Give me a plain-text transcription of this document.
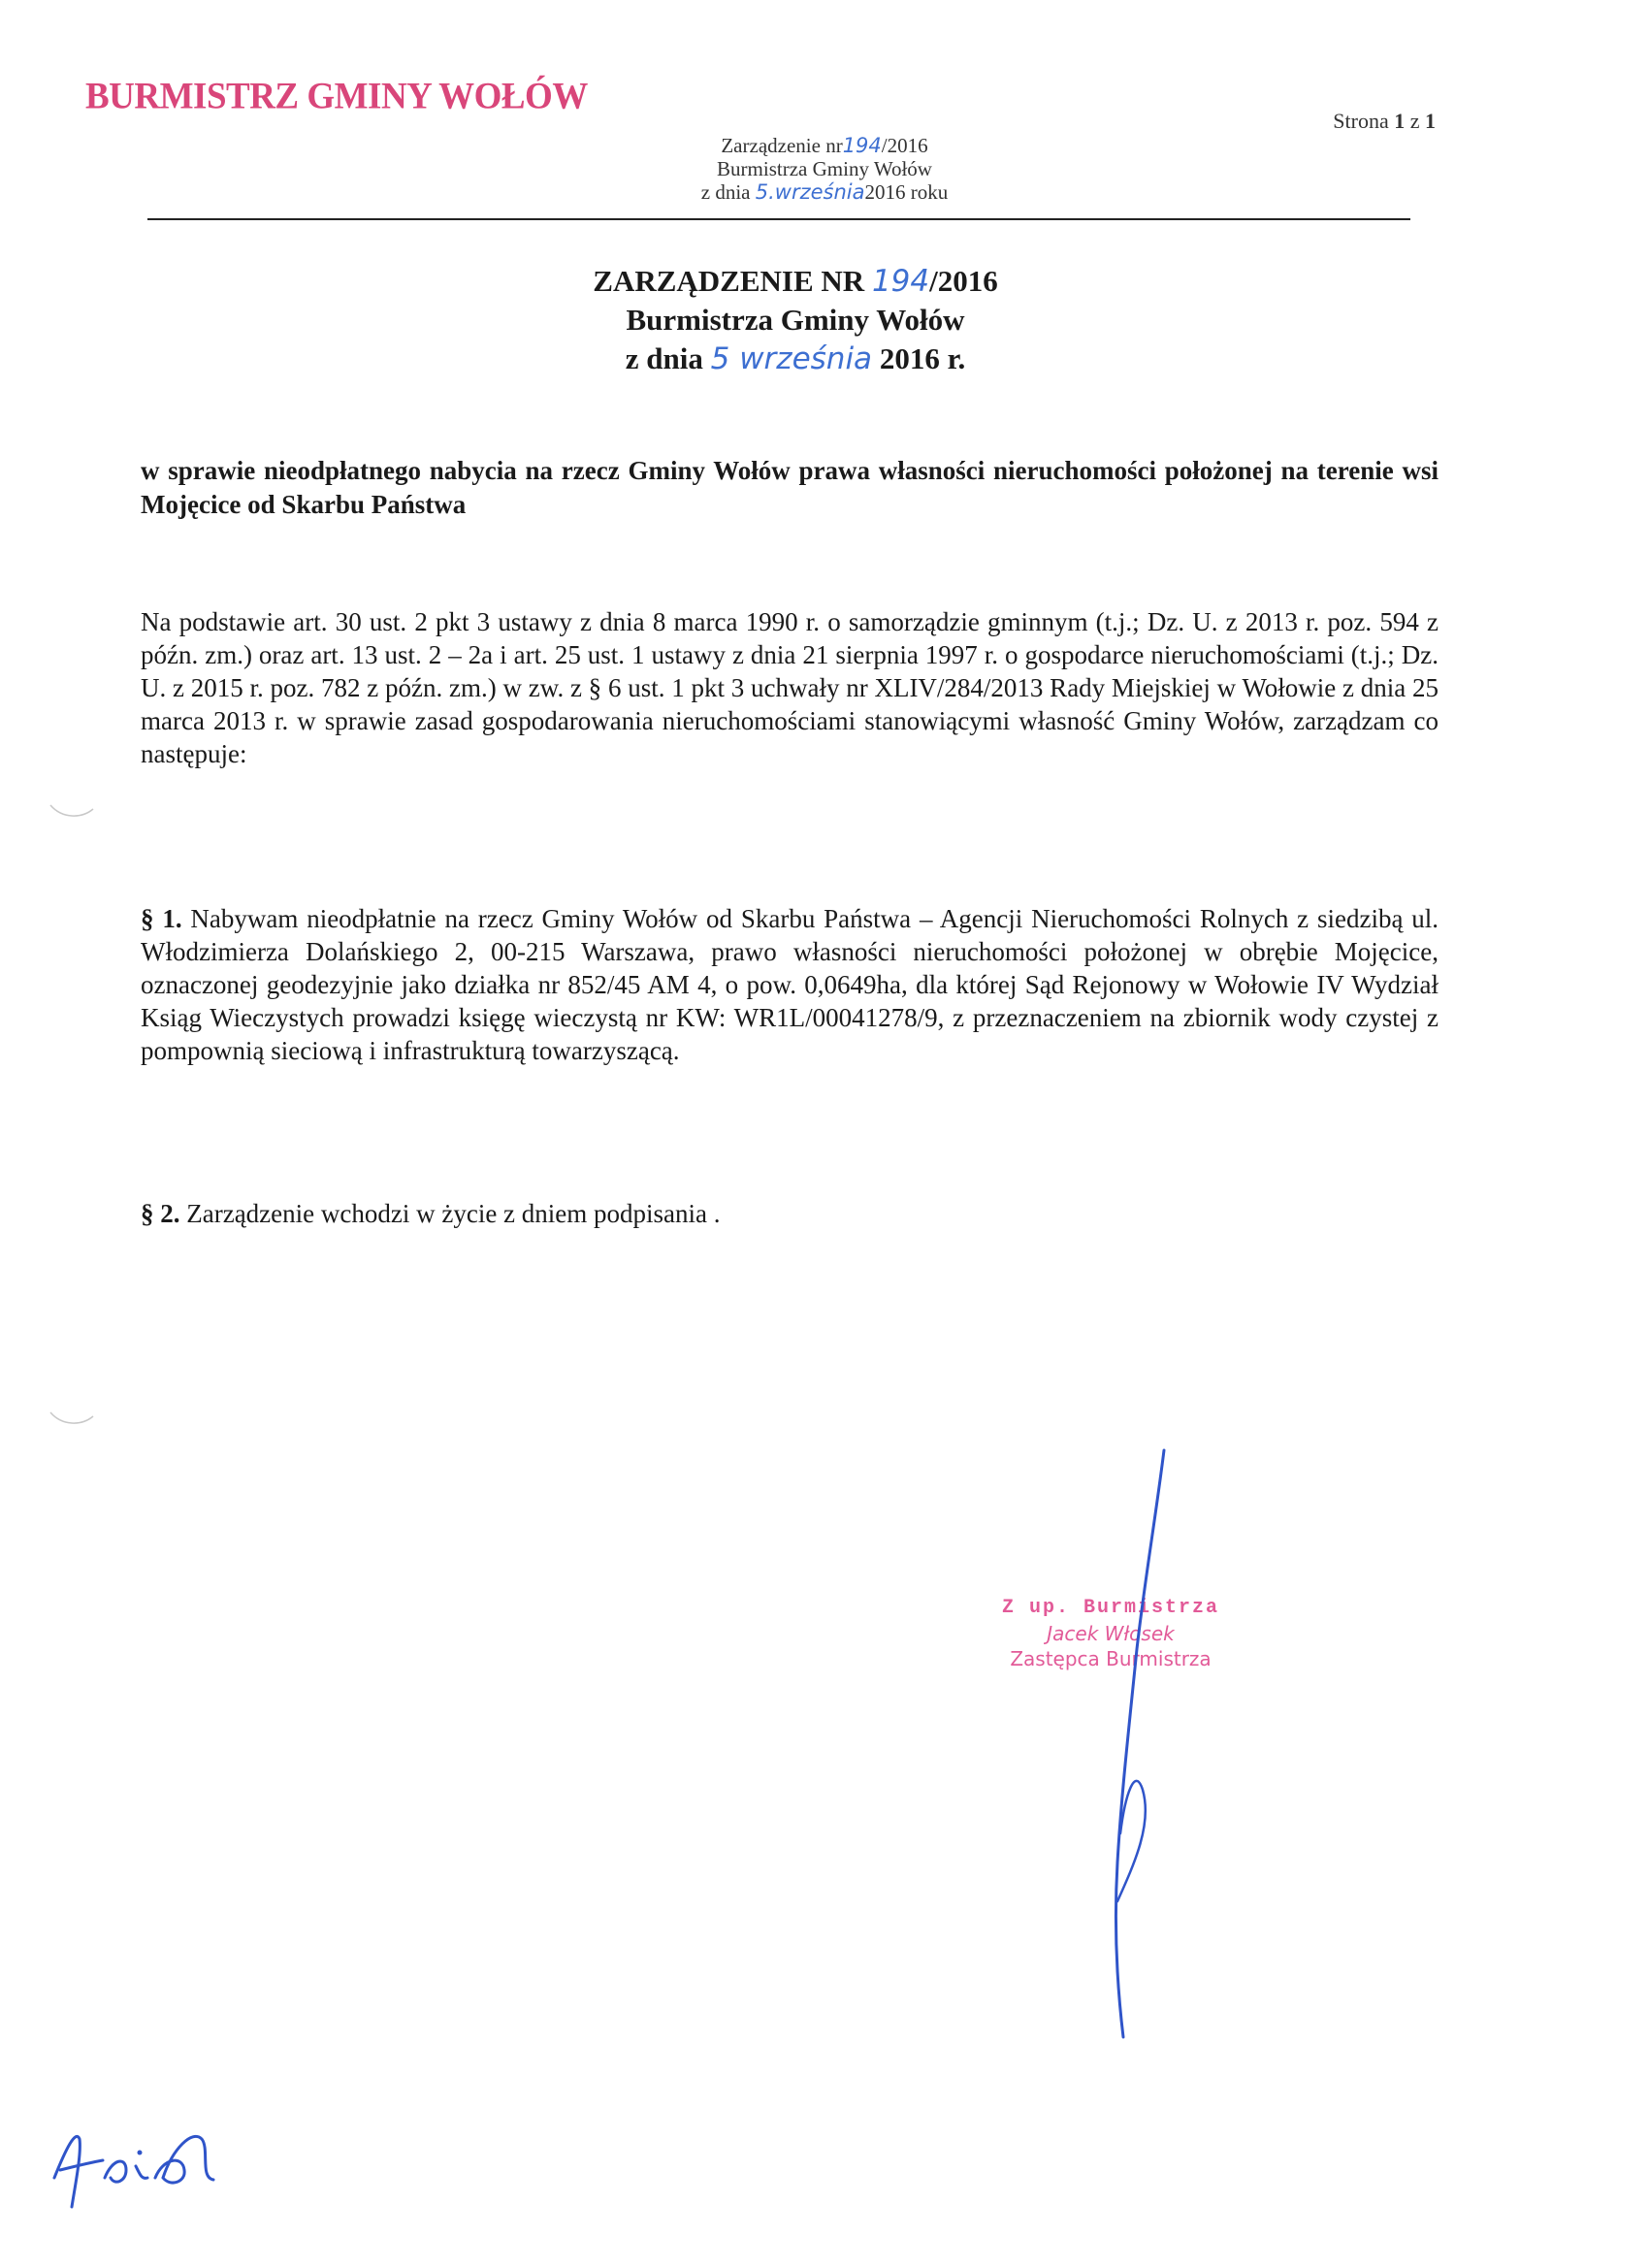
BURMISTRZ GMINY WOŁÓW
Strona 1 z 1
Zarządzenie nr194/2016
Burmistrza Gminy Wołów
z dnia 5.września2016 roku
ZARZĄDZENIE NR 194/2016
Burmistrza Gminy Wołów
z dnia 5 września 2016 r.
w sprawie nieodpłatnego nabycia na rzecz Gminy Wołów prawa własności nieruchomości położonej na terenie wsi Mojęcice od Skarbu Państwa
Na podstawie art. 30 ust. 2 pkt 3 ustawy z dnia 8 marca 1990 r. o samorządzie gminnym (t.j.; Dz. U. z 2013 r. poz. 594 z późn. zm.) oraz art. 13 ust. 2 – 2a i art. 25 ust. 1 ustawy z dnia 21 sierpnia 1997 r. o gospodarce nieruchomościami (t.j.; Dz. U. z 2015 r. poz. 782 z późn. zm.) w zw. z § 6 ust. 1 pkt 3 uchwały nr XLIV/284/2013 Rady Miejskiej w Wołowie z dnia 25 marca 2013 r. w sprawie zasad gospodarowania nieruchomościami stanowiącymi własność Gminy Wołów, zarządzam co następuje:
§ 1. Nabywam nieodpłatnie na rzecz Gminy Wołów od Skarbu Państwa – Agencji Nieruchomości Rolnych z siedzibą ul. Włodzimierza Dolańskiego 2, 00-215 Warszawa, prawo własności nieruchomości położonej w obrębie Mojęcice, oznaczonej geodezyjnie jako działka nr 852/45 AM 4, o pow. 0,0649ha, dla której Sąd Rejonowy w Wołowie IV Wydział Ksiąg Wieczystych prowadzi księgę wieczystą nr KW: WR1L/00041278/9, z przeznaczeniem na zbiornik wody czystej z pompownią sieciową i infrastrukturą towarzyszącą.
§ 2. Zarządzenie wchodzi w życie z dniem podpisania .
Z up. Burmistrza
Jacek Włosek
Zastępca Burmistrza
